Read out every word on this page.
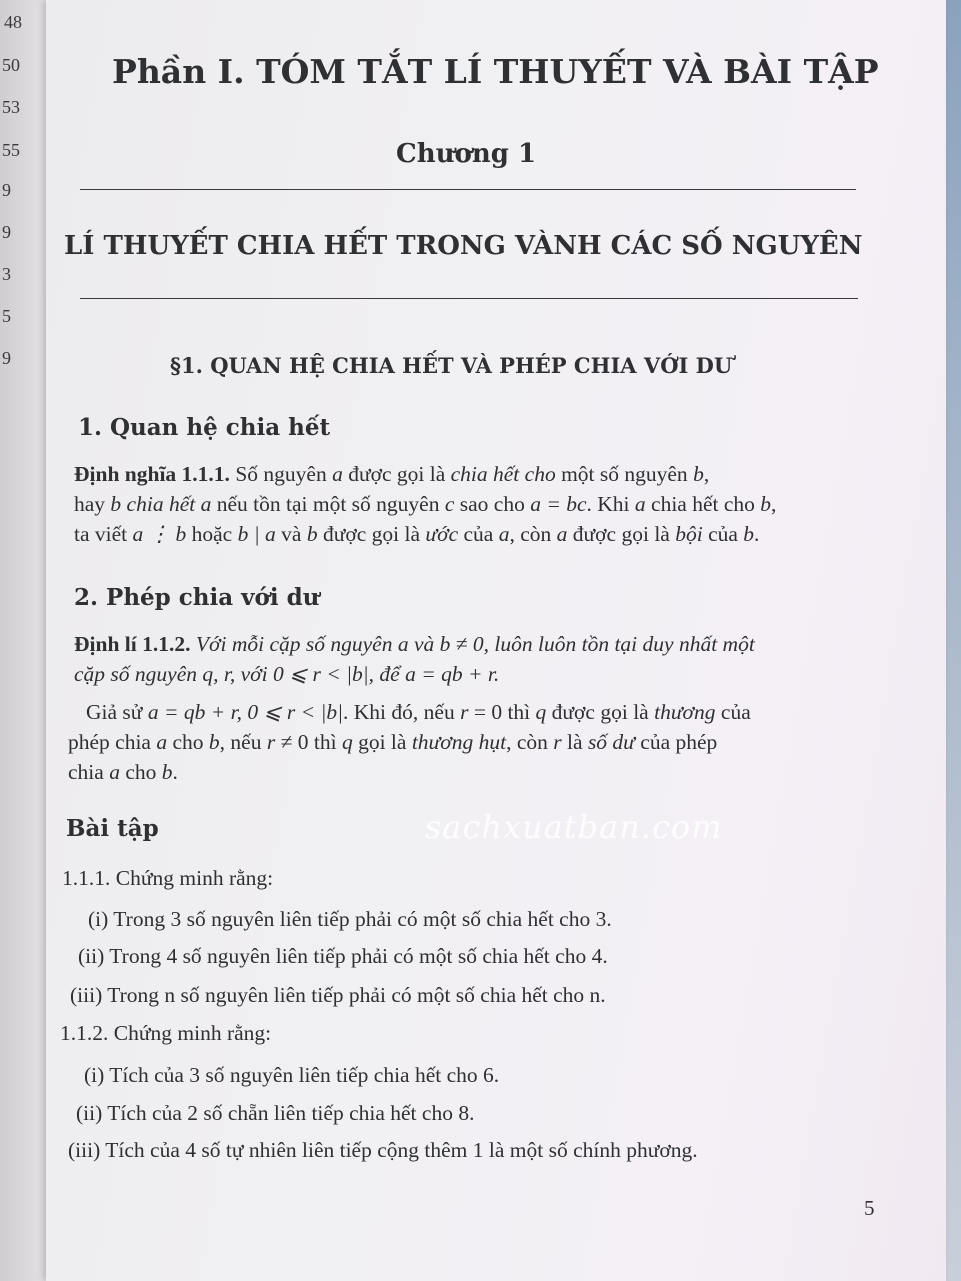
48
50
53
55
9
9
3
5
9
Phần I. TÓM TẮT LÍ THUYẾT VÀ BÀI TẬP
Chương 1
LÍ THUYẾT CHIA HẾT TRONG VÀNH CÁC SỐ NGUYÊN
§1. QUAN HỆ CHIA HẾT VÀ PHÉP CHIA VỚI DƯ
1. Quan hệ chia hết
Định nghĩa 1.1.1. Số nguyên a được gọi là chia hết cho một số nguyên b,
hay b chia hết a nếu tồn tại một số nguyên c sao cho a = bc. Khi a chia hết cho b,
ta viết a ⋮ b hoặc b | a và b được gọi là ước của a, còn a được gọi là bội của b.
2. Phép chia với dư
Định lí 1.1.2. Với mỗi cặp số nguyên a và b ≠ 0, luôn luôn tồn tại duy nhất một
cặp số nguyên q, r, với 0 ⩽ r < |b|, để a = qb + r.
Giả sử a = qb + r, 0 ⩽ r < |b|. Khi đó, nếu r = 0 thì q được gọi là thương của
phép chia a cho b, nếu r ≠ 0 thì q gọi là thương hụt, còn r là số dư của phép
chia a cho b.
Bài tập	sachxuatban.com
1.1.1. Chứng minh rằng:
(i) Trong 3 số nguyên liên tiếp phải có một số chia hết cho 3.
(ii) Trong 4 số nguyên liên tiếp phải có một số chia hết cho 4.
(iii) Trong n số nguyên liên tiếp phải có một số chia hết cho n.
1.1.2. Chứng minh rằng:
(i) Tích của 3 số nguyên liên tiếp chia hết cho 6.
(ii) Tích của 2 số chẵn liên tiếp chia hết cho 8.
(iii) Tích của 4 số tự nhiên liên tiếp cộng thêm 1 là một số chính phương.
5
